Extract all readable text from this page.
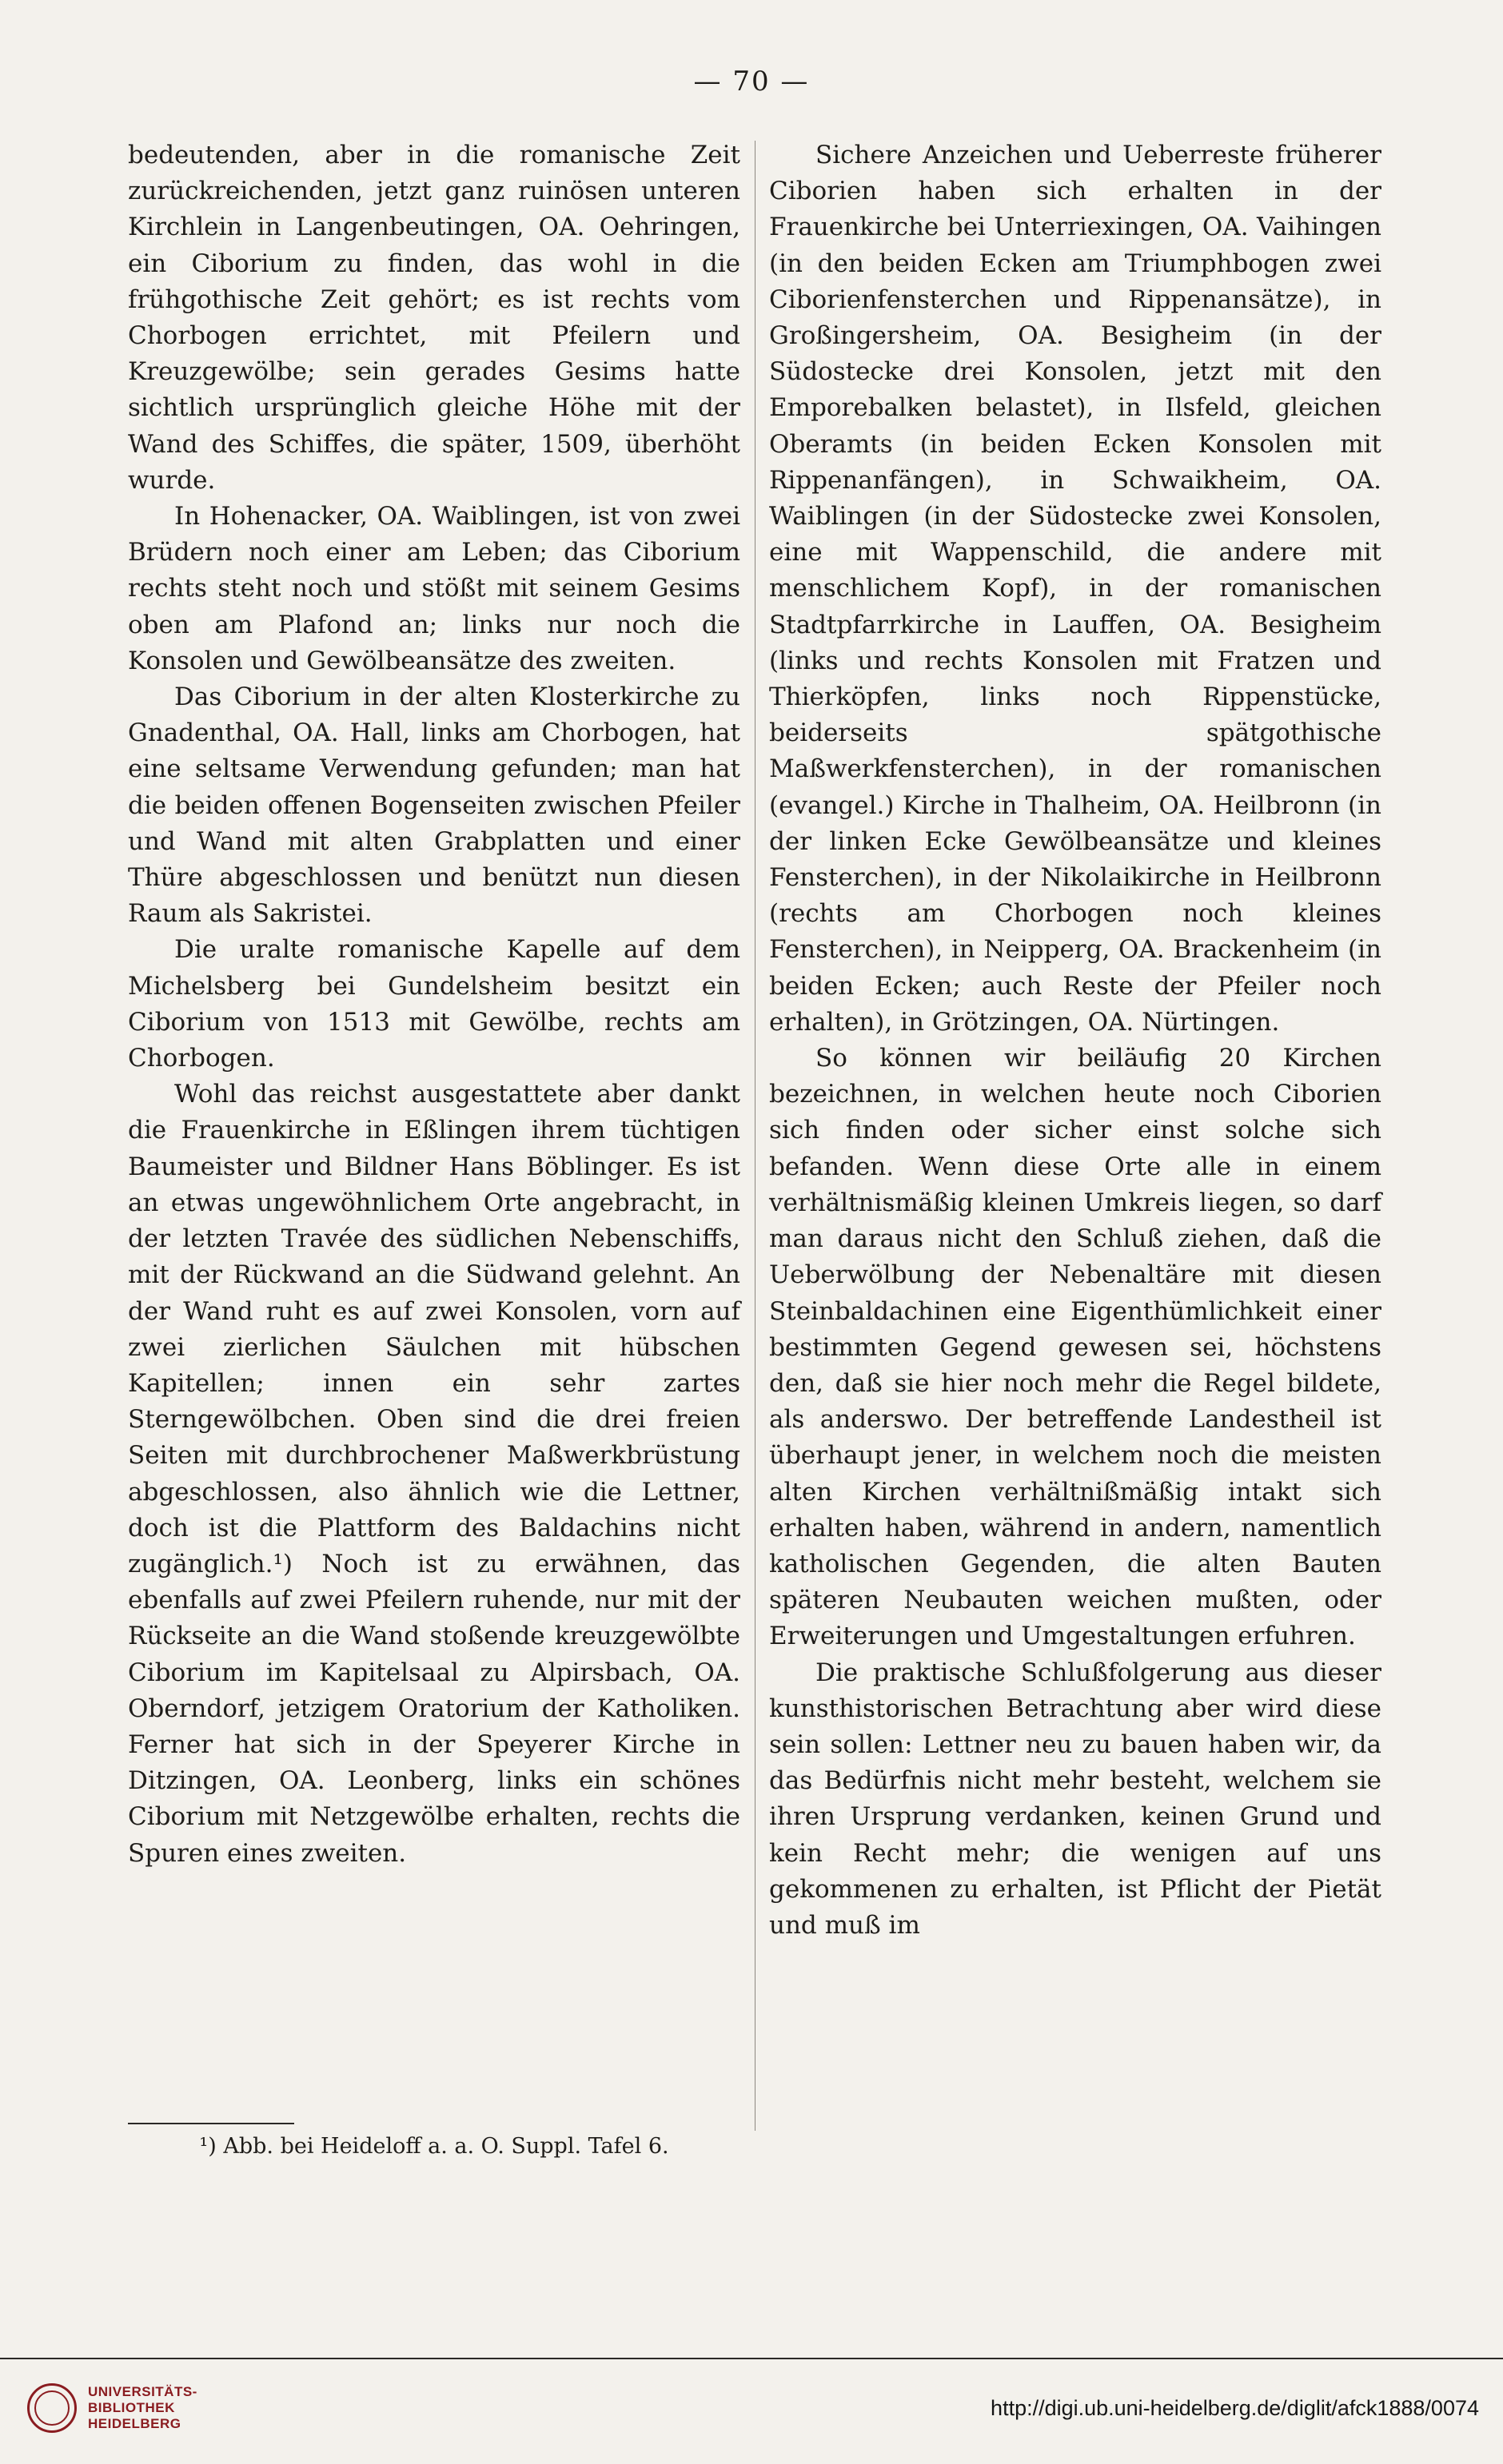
— 70 —

bedeutenden, aber in die romanische Zeit zurückreichenden, jetzt ganz ruinösen unteren Kirchlein in Langenbeutingen, OA. Oehringen, ein Ciborium zu finden, das wohl in die frühgothische Zeit gehört; es ist rechts vom Chorbogen errichtet, mit Pfeilern und Kreuzgewölbe; sein gerades Gesims hatte sichtlich ursprünglich gleiche Höhe mit der Wand des Schiffes, die später, 1509, überhöht wurde.

In Hohenacker, OA. Waiblingen, ist von zwei Brüdern noch einer am Leben; das Ciborium rechts steht noch und stößt mit seinem Gesims oben am Plafond an; links nur noch die Konsolen und Gewölbeansätze des zweiten.

Das Ciborium in der alten Klosterkirche zu Gnadenthal, OA. Hall, links am Chorbogen, hat eine seltsame Verwendung gefunden; man hat die beiden offenen Bogenseiten zwischen Pfeiler und Wand mit alten Grabplatten und einer Thüre abgeschlossen und benützt nun diesen Raum als Sakristei.

Die uralte romanische Kapelle auf dem Michelsberg bei Gundelsheim besitzt ein Ciborium von 1513 mit Gewölbe, rechts am Chorbogen.

Wohl das reichst ausgestattete aber dankt die Frauenkirche in Eßlingen ihrem tüchtigen Baumeister und Bildner Hans Böblinger. Es ist an etwas ungewöhnlichem Orte angebracht, in der letzten Travée des südlichen Nebenschiffs, mit der Rückwand an die Südwand gelehnt. An der Wand ruht es auf zwei Konsolen, vorn auf zwei zierlichen Säulchen mit hübschen Kapitellen; innen ein sehr zartes Sterngewölbchen. Oben sind die drei freien Seiten mit durchbrochener Maßwerkbrüstung abgeschlossen, also ähnlich wie die Lettner, doch ist die Plattform des Baldachins nicht zugänglich.¹) Noch ist zu erwähnen, das ebenfalls auf zwei Pfeilern ruhende, nur mit der Rückseite an die Wand stoßende kreuzgewölbte Ciborium im Kapitelsaal zu Alpirsbach, OA. Oberndorf, jetzigem Oratorium der Katholiken. Ferner hat sich in der Speyerer Kirche in Ditzingen, OA. Leonberg, links ein schönes Ciborium mit Netzgewölbe erhalten, rechts die Spuren eines zweiten.

Sichere Anzeichen und Ueberreste früherer Ciborien haben sich erhalten in der Frauenkirche bei Unterriexingen, OA. Vaihingen (in den beiden Ecken am Triumphbogen zwei Ciborienfensterchen und Rippenansätze), in Großingersheim, OA. Besigheim (in der Südostecke drei Konsolen, jetzt mit den Emporebalken belastet), in Ilsfeld, gleichen Oberamts (in beiden Ecken Konsolen mit Rippenanfängen), in Schwaikheim, OA. Waiblingen (in der Südostecke zwei Konsolen, eine mit Wappenschild, die andere mit menschlichem Kopf), in der romanischen Stadtpfarrkirche in Lauffen, OA. Besigheim (links und rechts Konsolen mit Fratzen und Thierköpfen, links noch Rippenstücke, beiderseits spätgothische Maßwerkfensterchen), in der romanischen (evangel.) Kirche in Thalheim, OA. Heilbronn (in der linken Ecke Gewölbeansätze und kleines Fensterchen), in der Nikolaikirche in Heilbronn (rechts am Chorbogen noch kleines Fensterchen), in Neipperg, OA. Brackenheim (in beiden Ecken; auch Reste der Pfeiler noch erhalten), in Grötzingen, OA. Nürtingen.

So können wir beiläufig 20 Kirchen bezeichnen, in welchen heute noch Ciborien sich finden oder sicher einst solche sich befanden. Wenn diese Orte alle in einem verhältnismäßig kleinen Umkreis liegen, so darf man daraus nicht den Schluß ziehen, daß die Ueberwölbung der Nebenaltäre mit diesen Steinbaldachinen eine Eigenthümlichkeit einer bestimmten Gegend gewesen sei, höchstens den, daß sie hier noch mehr die Regel bildete, als anderswo. Der betreffende Landestheil ist überhaupt jener, in welchem noch die meisten alten Kirchen verhältnißmäßig intakt sich erhalten haben, während in andern, namentlich katholischen Gegenden, die alten Bauten späteren Neubauten weichen mußten, oder Erweiterungen und Umgestaltungen erfuhren.

Die praktische Schlußfolgerung aus dieser kunsthistorischen Betrachtung aber wird diese sein sollen: Lettner neu zu bauen haben wir, da das Bedürfnis nicht mehr besteht, welchem sie ihren Ursprung verdanken, keinen Grund und kein Recht mehr; die wenigen auf uns gekommenen zu erhalten, ist Pflicht der Pietät und muß im

¹) Abb. bei Heideloff a. a. O. Suppl. Tafel 6.
UNIVERSITÄTS-
BIBLIOTHEK
HEIDELBERG
http://digi.ub.uni-heidelberg.de/diglit/afck1888/0074
